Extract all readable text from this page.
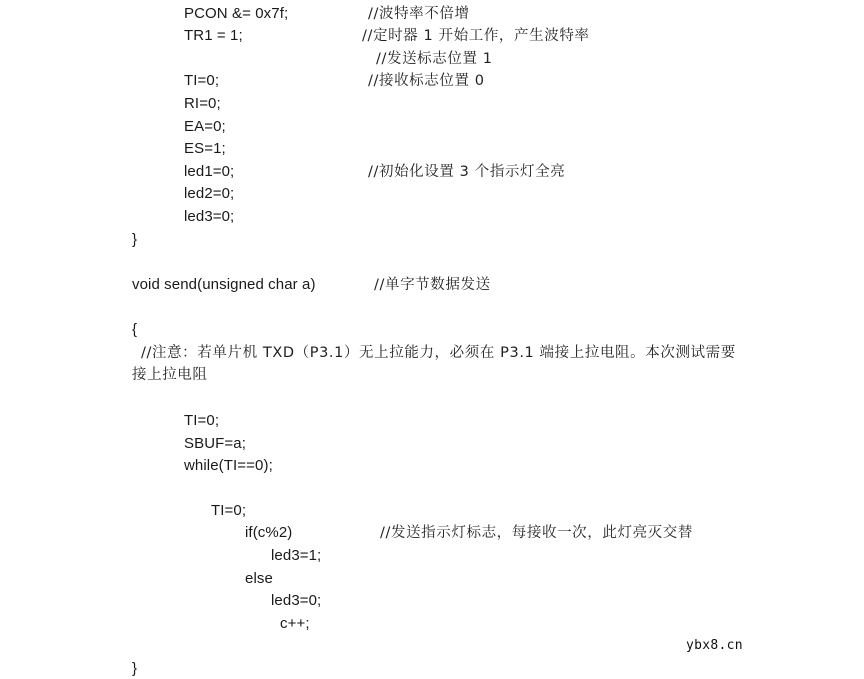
PCON &= 0x7f;	//波特率不倍增
TR1 = 1;	//定时器 1 开始工作，产生波特率
//发送标志位置 1
TI=0;	//接收标志位置 0
RI=0;
EA=0;
ES=1;
led1=0;	//初始化设置 3 个指示灯全亮
led2=0;
led3=0;
}
void send(unsigned char a)	//单字节数据发送
{
//注意：若单片机 TXD（P3.1）无上拉能力，必须在 P3.1 端接上拉电阻。本次测试需要接上拉电阻
TI=0;
SBUF=a;
while(TI==0);
TI=0;
if(c%2)	//发送指示灯标志，每接收一次，此灯亮灭交替
led3=1;
else
led3=0;
c++;
}
ybx8.cn
